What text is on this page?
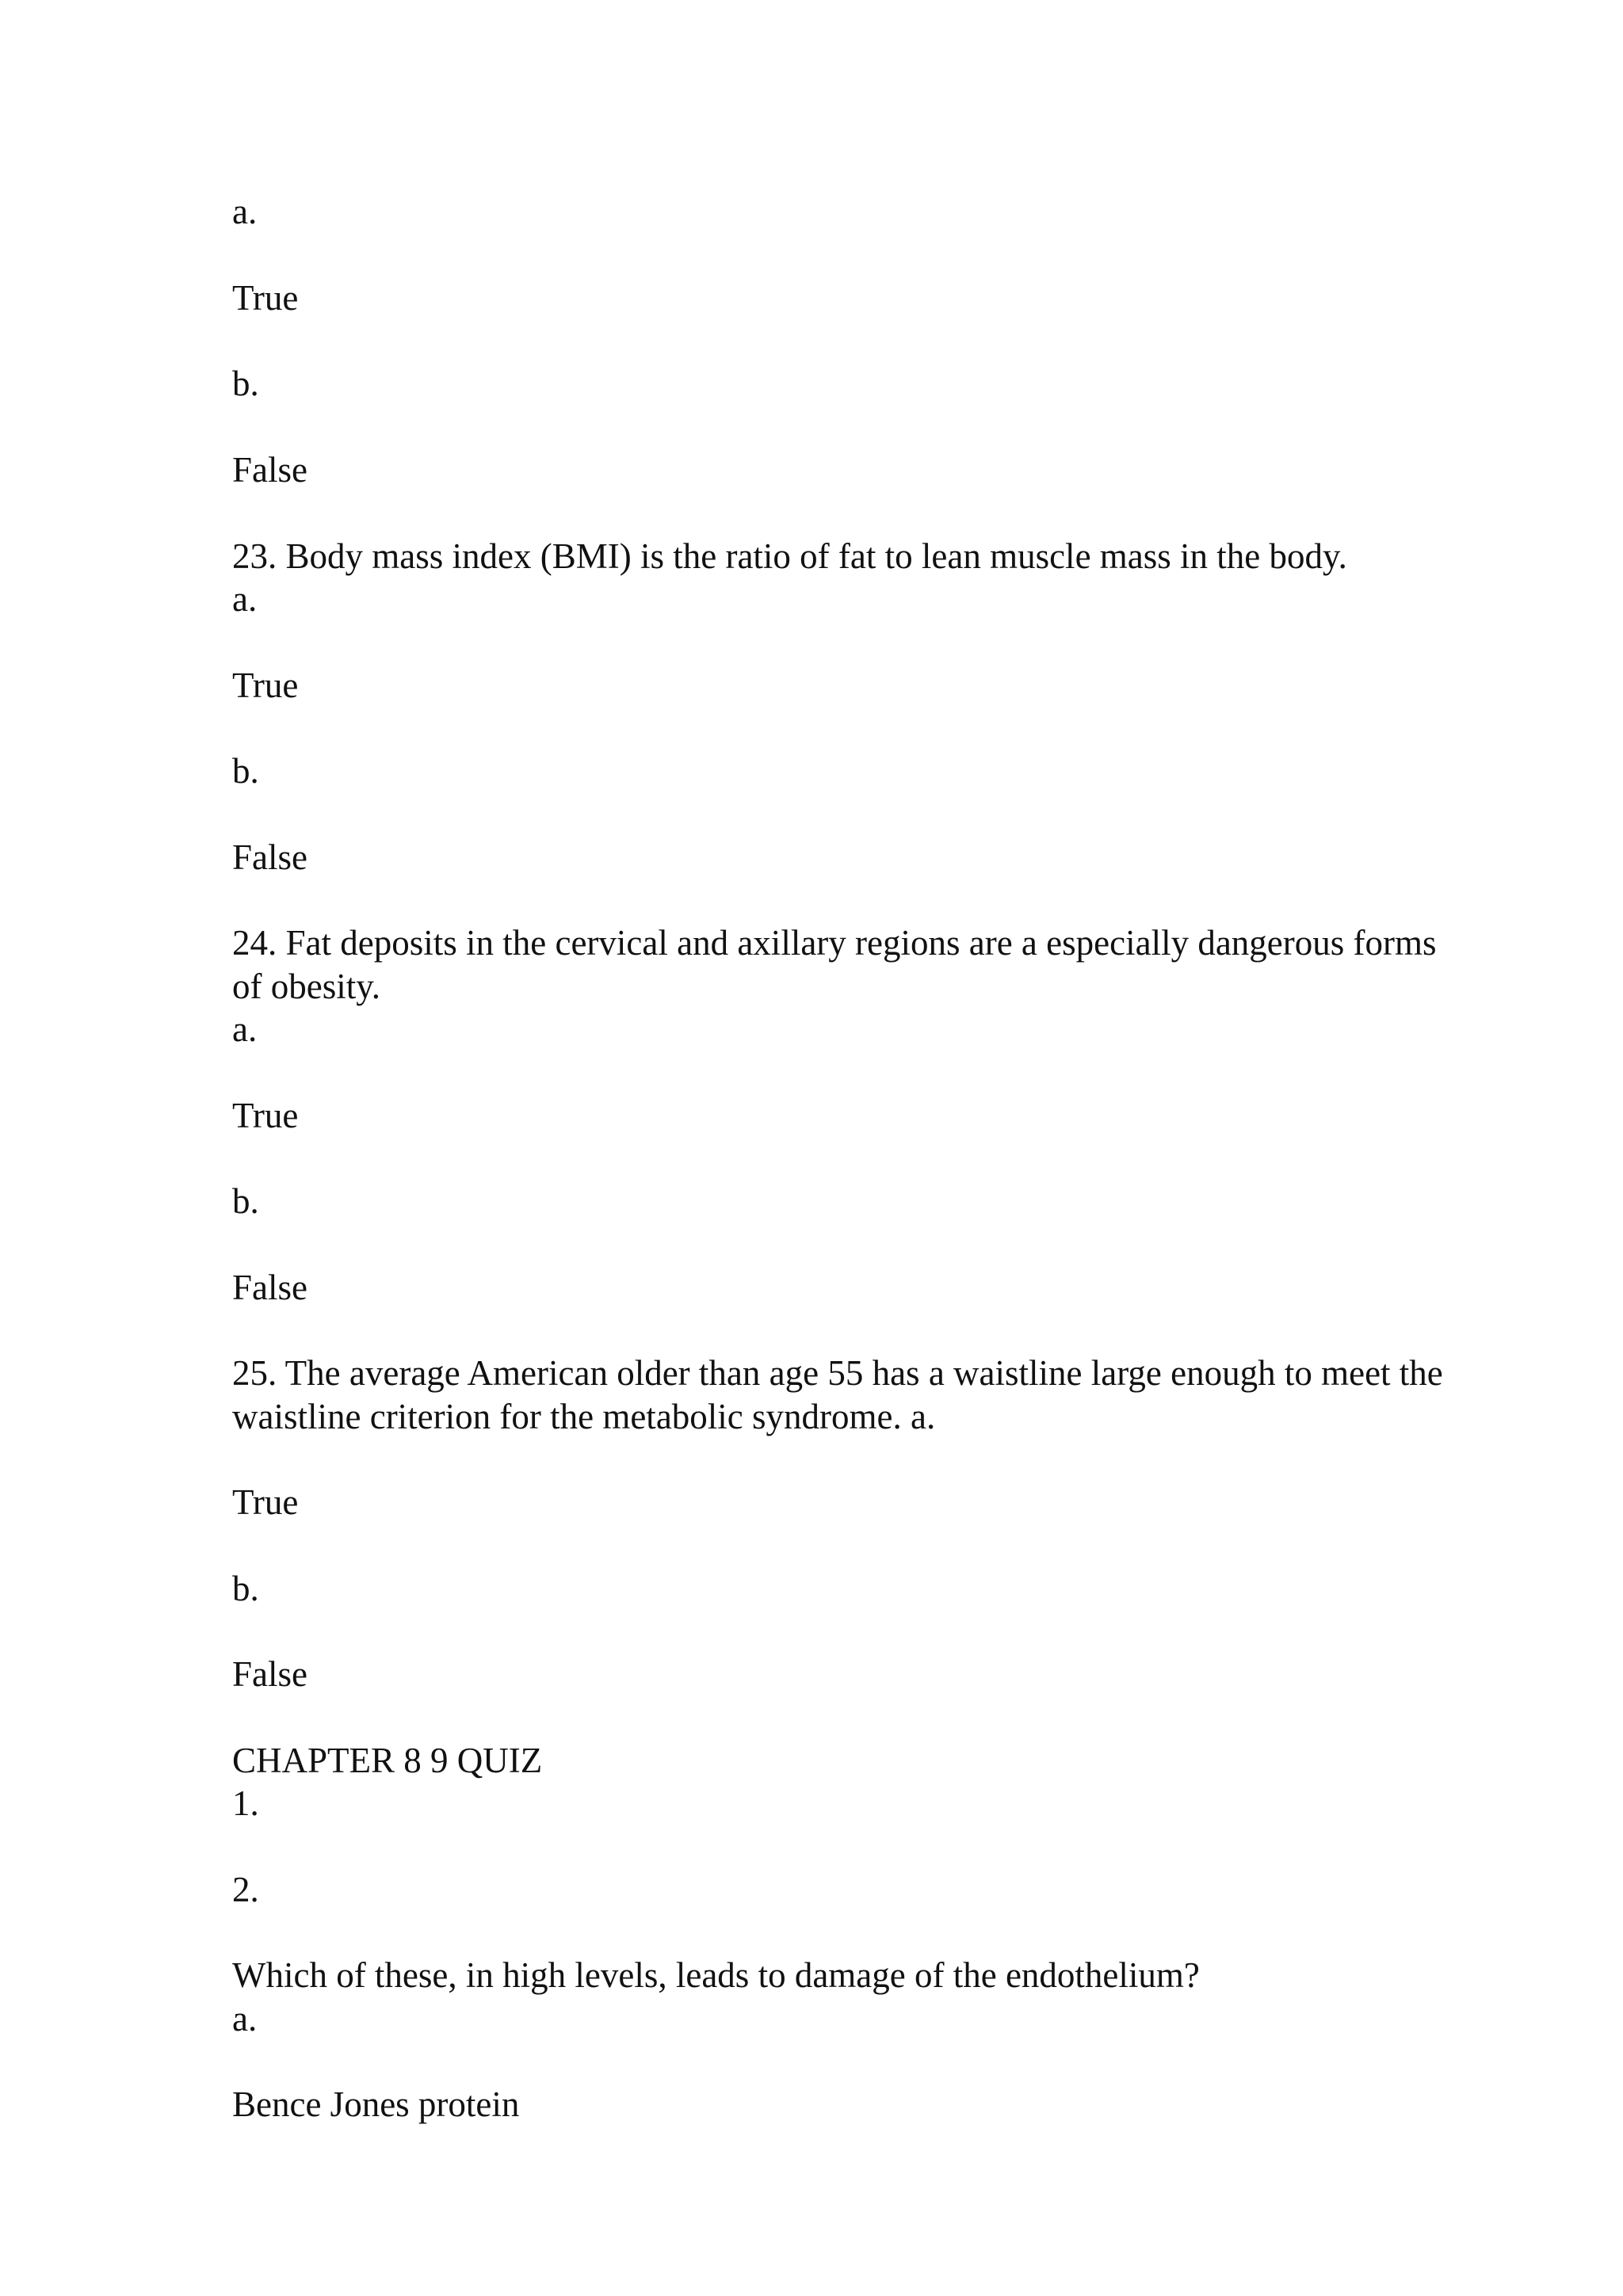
a.
True
b.
False
23. Body mass index (BMI) is the ratio of fat to lean muscle mass in the body.
a.
True
b.
False
24. Fat deposits in the cervical and axillary regions are a especially dangerous forms
of obesity.
a.
True
b.
False
25. The average American older than age 55 has a waistline large enough to meet the
waistline criterion for the metabolic syndrome. a.
True
b.
False
CHAPTER 8 9 QUIZ
1.
2.
Which of these, in high levels, leads to damage of the endothelium?
a.
Bence Jones protein
